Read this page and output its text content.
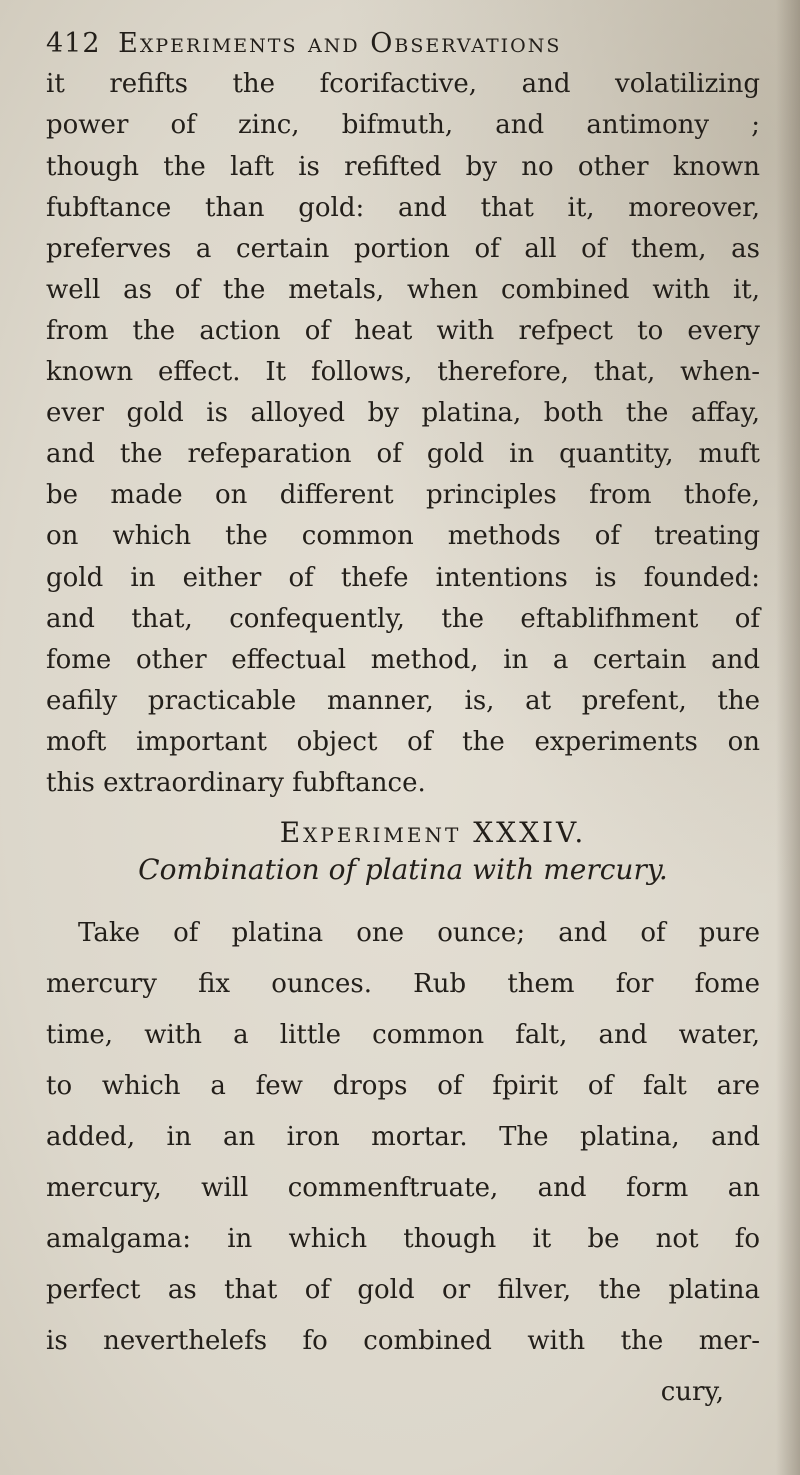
412 Experiments and Observations
it refifts the fcorifactive, and volatilizing
power of zinc, bifmuth, and antimony ;
though the laft is refifted by no other known
fubftance than gold: and that it, moreover,
preferves a certain portion of all of them, as
well as of the metals, when combined with it,
from the action of heat with refpect to every
known effect. It follows, therefore, that, when-
ever gold is alloyed by platina, both the affay,
and the refeparation of gold in quantity, muft
be made on different principles from thofe,
on which the common methods of treating
gold in either of thefe intentions is founded:
and that, confequently, the eftablifhment of
fome other effectual method, in a certain and
eafily practicable manner, is, at prefent, the
moft important object of the experiments on
this extraordinary fubftance.
Experiment XXXIV.
Combination of platina with mercury.
Take of platina one ounce; and of pure
mercury fix ounces. Rub them for fome
time, with a little common falt, and water,
to which a few drops of fpirit of falt are
added, in an iron mortar. The platina, and
mercury, will commenftruate, and form an
amalgama: in which though it be not fo
perfect as that of gold or filver, the platina
is neverthelefs fo combined with the mer-
cury,
